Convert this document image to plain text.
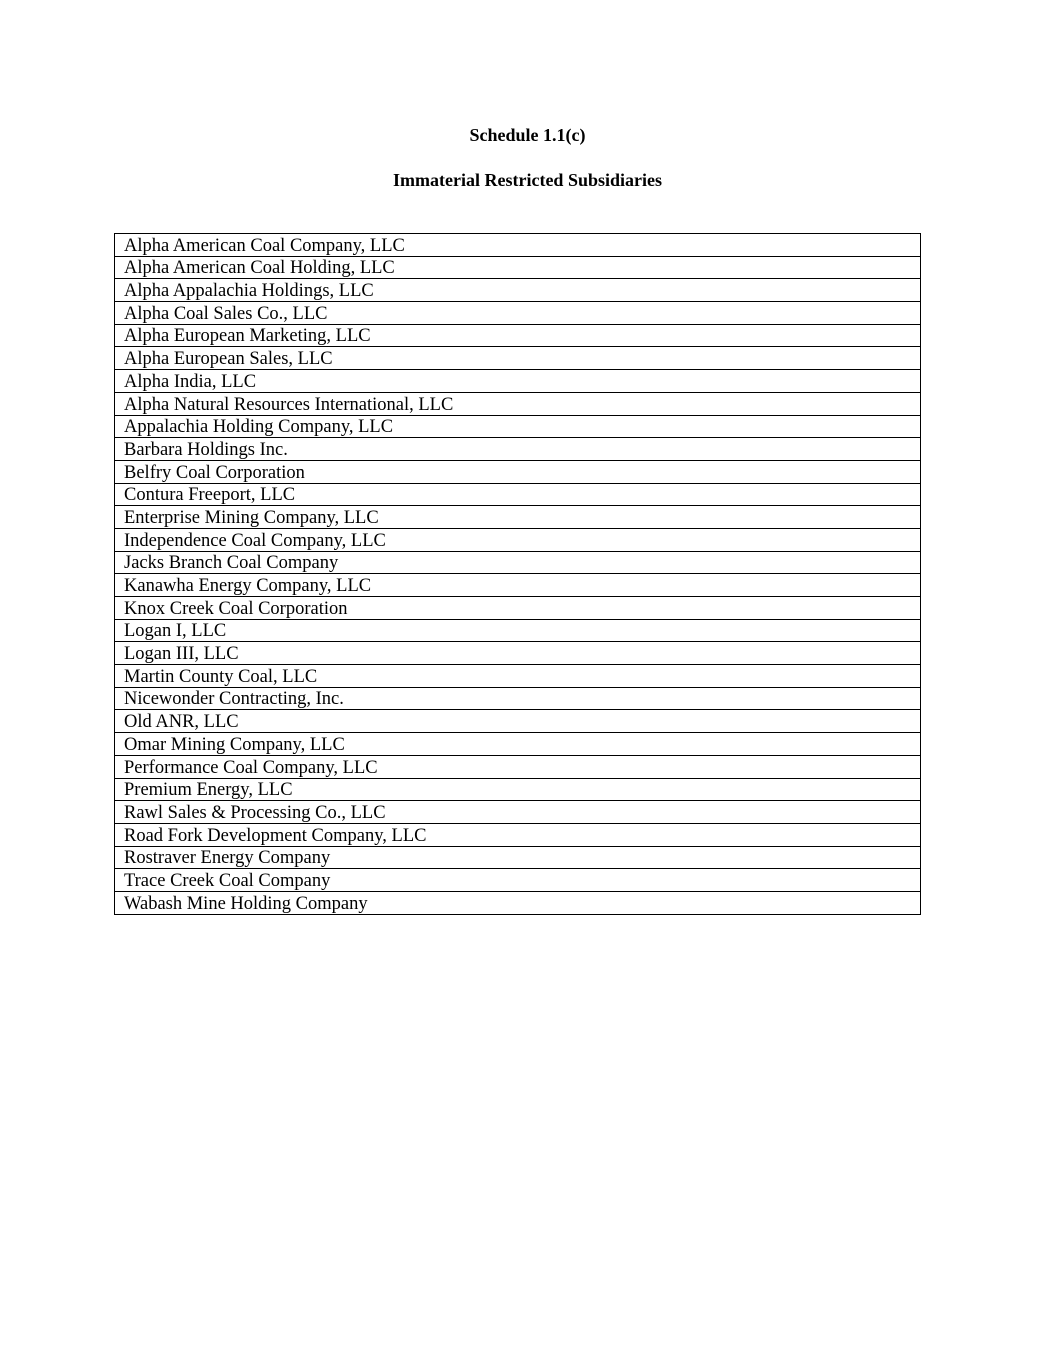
Schedule 1.1(c)
Immaterial Restricted Subsidiaries
Alpha American Coal Company, LLC
Alpha American Coal Holding, LLC
Alpha Appalachia Holdings, LLC
Alpha Coal Sales Co., LLC
Alpha European Marketing, LLC
Alpha European Sales, LLC
Alpha India, LLC
Alpha Natural Resources International, LLC
Appalachia Holding Company, LLC
Barbara Holdings Inc.
Belfry Coal Corporation
Contura Freeport, LLC
Enterprise Mining Company, LLC
Independence Coal Company, LLC
Jacks Branch Coal Company
Kanawha Energy Company, LLC
Knox Creek Coal Corporation
Logan I, LLC
Logan III, LLC
Martin County Coal, LLC
Nicewonder Contracting, Inc.
Old ANR, LLC
Omar Mining Company, LLC
Performance Coal Company, LLC
Premium Energy, LLC
Rawl Sales & Processing Co., LLC
Road Fork Development Company, LLC
Rostraver Energy Company
Trace Creek Coal Company
Wabash Mine Holding Company
